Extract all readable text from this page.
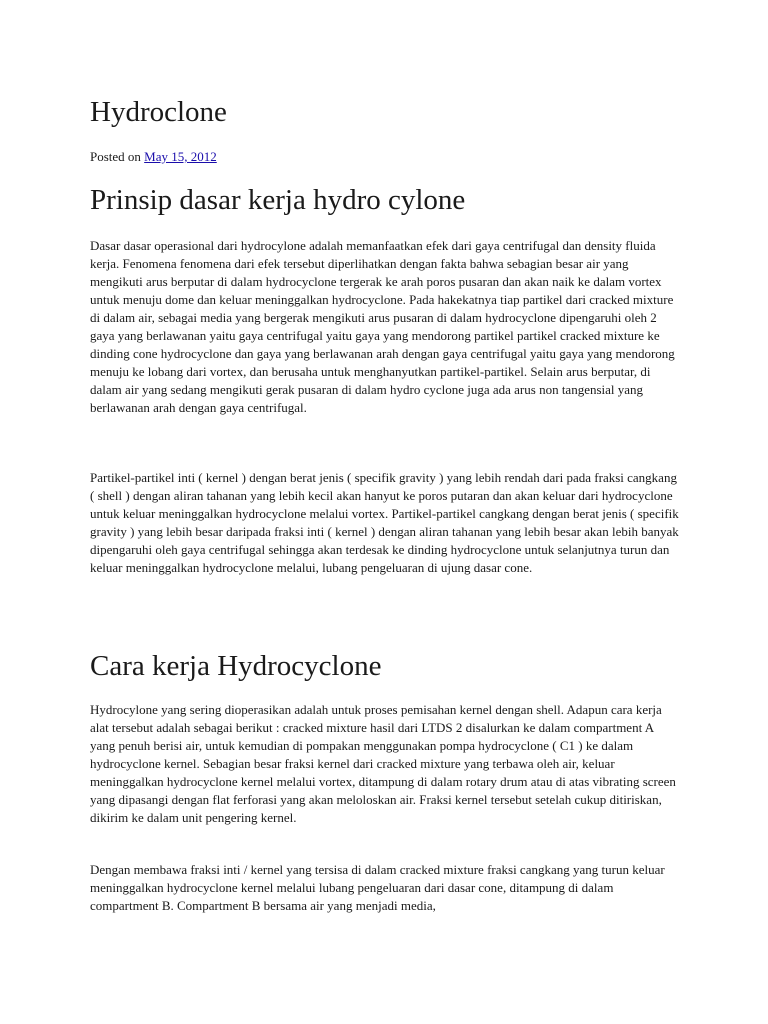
Hydroclone
Posted on May 15, 2012
Prinsip dasar kerja hydro cylone

Dasar dasar operasional dari hydrocylone adalah memanfaatkan efek dari gaya centrifugal dan density fluida kerja. Fenomena fenomena dari efek tersebut diperlihatkan dengan fakta bahwa sebagian besar air yang mengikuti arus berputar di dalam hydrocyclone tergerak ke arah poros pusaran dan akan naik ke dalam vortex untuk menuju dome dan keluar meninggalkan hydrocyclone. Pada hakekatnya tiap partikel dari cracked mixture di dalam air, sebagai media yang bergerak mengikuti arus pusaran di dalam hydrocyclone dipengaruhi oleh 2 gaya yang berlawanan yaitu gaya centrifugal yaitu gaya yang mendorong partikel partikel cracked mixture ke dinding cone hydrocyclone dan gaya yang berlawanan arah dengan gaya centrifugal yaitu gaya yang mendorong menuju ke lobang dari vortex, dan berusaha untuk menghanyutkan partikel-partikel. Selain arus berputar, di dalam air yang sedang mengikuti gerak pusaran di dalam hydro cyclone juga ada arus non tangensial yang berlawanan arah dengan gaya centrifugal.

Partikel-partikel inti ( kernel ) dengan berat jenis ( specifik gravity ) yang lebih rendah dari pada fraksi cangkang ( shell ) dengan aliran tahanan yang lebih kecil akan hanyut ke poros putaran dan akan keluar dari hydrocyclone untuk keluar meninggalkan hydrocyclone melalui vortex. Partikel-partikel cangkang dengan berat jenis ( specifik gravity ) yang lebih besar daripada fraksi inti ( kernel ) dengan aliran tahanan yang lebih besar akan lebih banyak dipengaruhi oleh gaya centrifugal sehingga akan terdesak ke dinding hydrocyclone untuk selanjutnya turun dan keluar meninggalkan hydrocyclone melalui, lubang pengeluaran di ujung dasar cone.

Cara kerja Hydrocyclone

Hydrocylone yang sering dioperasikan adalah untuk proses pemisahan kernel dengan shell. Adapun cara kerja alat tersebut adalah sebagai berikut : cracked mixture hasil dari LTDS 2 disalurkan ke dalam compartment A yang penuh berisi air, untuk kemudian di pompakan menggunakan pompa hydrocyclone ( C1 ) ke dalam hydrocyclone kernel. Sebagian besar fraksi kernel dari cracked mixture yang terbawa oleh air, keluar meninggalkan hydrocyclone kernel melalui vortex, ditampung di dalam rotary drum atau di atas vibrating screen yang dipasangi dengan flat ferforasi yang akan meloloskan air. Fraksi kernel tersebut setelah cukup ditiriskan, dikirim ke dalam unit pengering kernel.

Dengan membawa fraksi inti / kernel yang tersisa di dalam cracked mixture fraksi cangkang yang turun keluar meninggalkan hydrocyclone kernel melalui lubang pengeluaran dari dasar cone, ditampung di dalam compartment B. Compartment B bersama air yang menjadi media,
